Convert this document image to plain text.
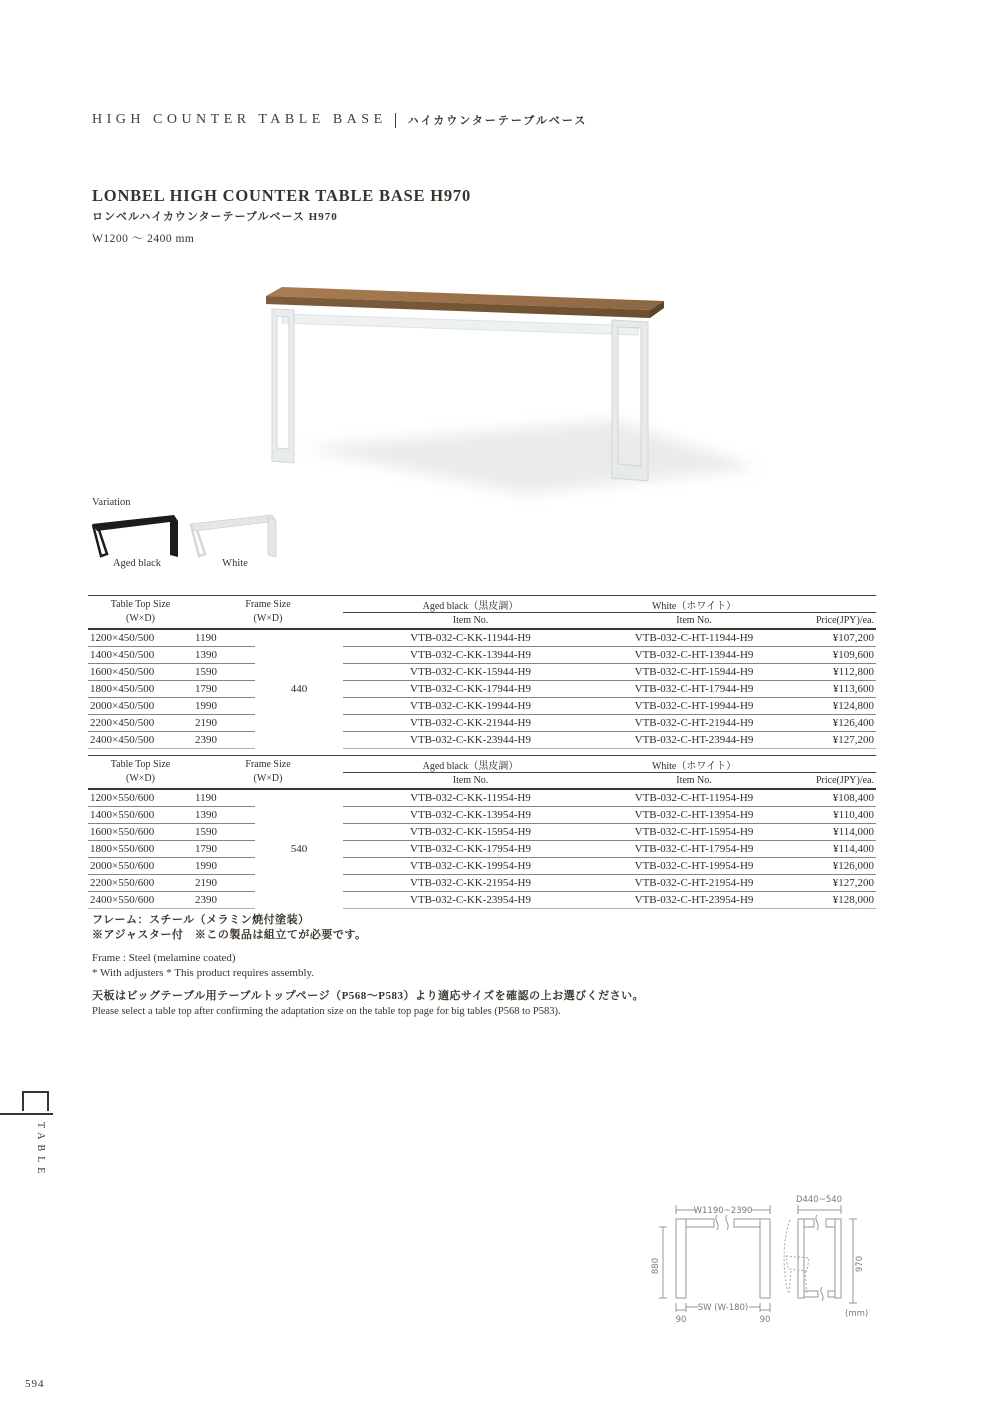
HIGH COUNTER TABLE BASE ハイカウンターテーブルベース
LONBEL HIGH COUNTER TABLE BASE H970
ロンベルハイカウンターテーブルベース H970
W1200 ～ 2400 mm
Variation
Aged black	White
Table Top Size
(W×D)

Frame Size
(W×D)
	Aged black（黒皮調）	White（ホワイト）	
			Item No.	Item No.	Price(JPY)/ea.
1200×450/500	1190	440	VTB-032-C-KK-11944-H9	VTB-032-C-HT-11944-H9	¥107,200
1400×450/500	1390		VTB-032-C-KK-13944-H9	VTB-032-C-HT-13944-H9	¥109,600
1600×450/500	1590		VTB-032-C-KK-15944-H9	VTB-032-C-HT-15944-H9	¥112,800
1800×450/500	1790		VTB-032-C-KK-17944-H9	VTB-032-C-HT-17944-H9	¥113,600
2000×450/500	1990		VTB-032-C-KK-19944-H9	VTB-032-C-HT-19944-H9	¥124,800
2200×450/500	2190		VTB-032-C-KK-21944-H9	VTB-032-C-HT-21944-H9	¥126,400
2400×450/500	2390		VTB-032-C-KK-23944-H9	VTB-032-C-HT-23944-H9	¥127,200
Table Top Size
(W×D)

Frame Size
(W×D)
	Aged black（黒皮調）	White（ホワイト）	
			Item No.	Item No.	Price(JPY)/ea.
1200×550/600	1190	540	VTB-032-C-KK-11954-H9	VTB-032-C-HT-11954-H9	¥108,400
1400×550/600	1390		VTB-032-C-KK-13954-H9	VTB-032-C-HT-13954-H9	¥110,400
1600×550/600	1590		VTB-032-C-KK-15954-H9	VTB-032-C-HT-15954-H9	¥114,000
1800×550/600	1790		VTB-032-C-KK-17954-H9	VTB-032-C-HT-17954-H9	¥114,400
2000×550/600	1990		VTB-032-C-KK-19954-H9	VTB-032-C-HT-19954-H9	¥126,000
2200×550/600	2190		VTB-032-C-KK-21954-H9	VTB-032-C-HT-21954-H9	¥127,200
2400×550/600	2390		VTB-032-C-KK-23954-H9	VTB-032-C-HT-23954-H9	¥128,000
フレーム：スチール（メラミン焼付塗装）
※アジャスター付　※この製品は組立てが必要です。
Frame : Steel (melamine coated)
* With adjusters * This product requires assembly.
天板はビッグテーブル用テーブルトップページ（P568～P583）より適応サイズを確認の上お選びください。
Please select a table top after confirming the adaptation size on the table top page for big tables (P568 to P583).
TABLE
594
W1190~2390
880
SW (W-180)
90	90
D440~540
970
(mm)
